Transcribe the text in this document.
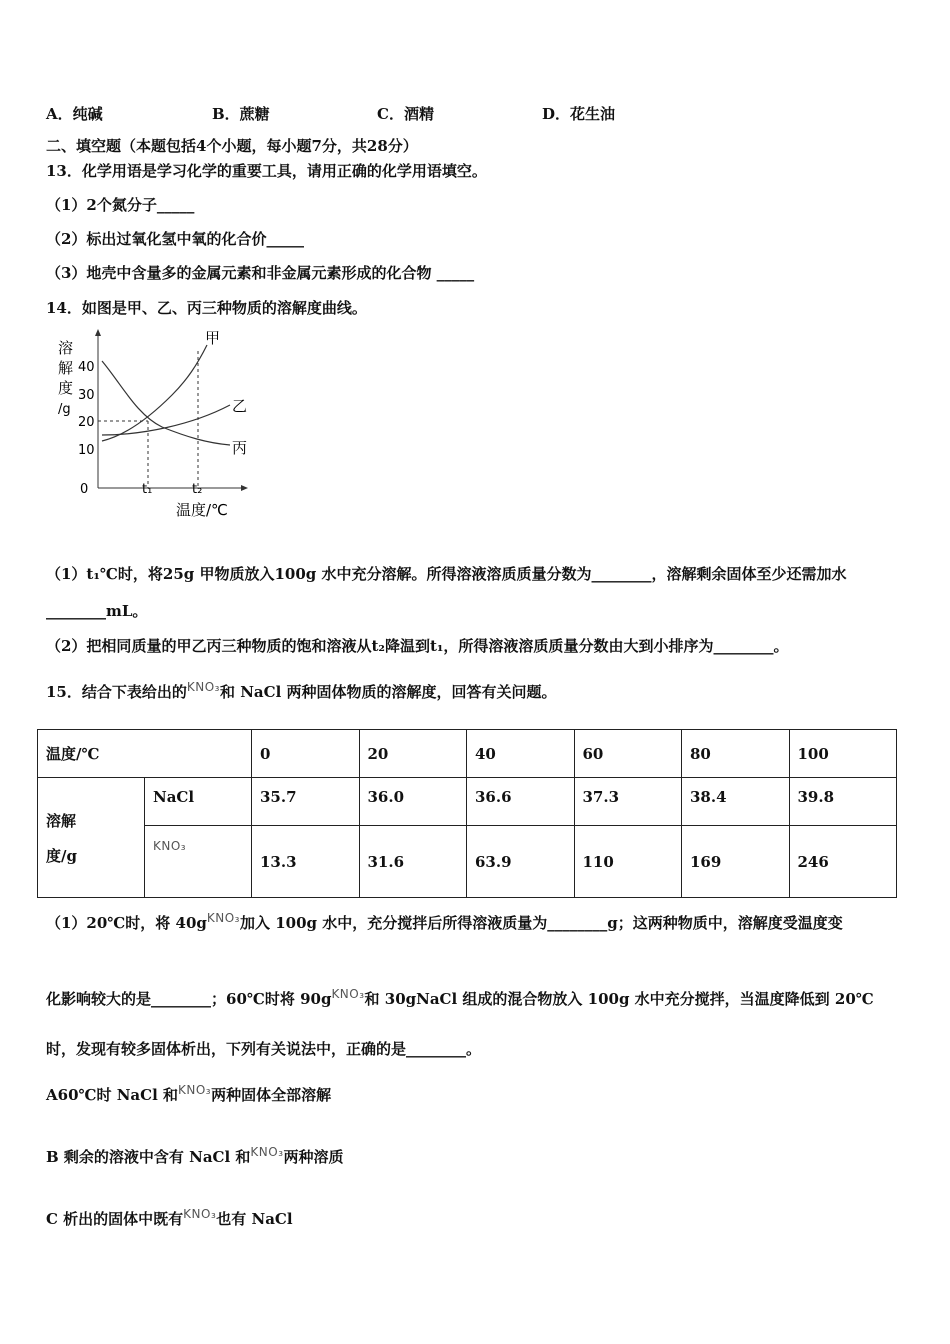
A．纯碱	B．蔗糖	C．酒精	D．花生油
二、填空题（本题包括4个小题，每小题7分，共28分）
13．化学用语是学习化学的重要工具，请用正确的化学用语填空。
（1）2个氮分子_____
（2）标出过氧化氢中氧的化合价_____
（3）地壳中含量多的金属元素和非金属元素形成的化合物 _____
14．如图是甲、乙、丙三种物质的溶解度曲线。
溶
解
度
/g
40
30
20
10
0
甲
乙
丙
t₁	t₂
温度/℃
（1）t₁℃时，将25g 甲物质放入100g 水中充分溶解。所得溶液溶质质量分数为________，溶解剩余固体至少还需加水
________mL。
（2）把相同质量的甲乙丙三种物质的饱和溶液从t₂降温到t₁，所得溶液溶质质量分数由大到小排序为________。
15．结合下表给出的$^{KNO_3}$和 NaCl 两种固体物质的溶解度，回答有关问题。
温度/℃		0	20	40	60	80	100

溶解
度/g	NaCl	35.7	36.0	36.6	37.3	38.4	39.8
	KNO₃	13.3	31.6	63.9	110	169	246
（1）20℃时，将 $40g^{KNO_3}$加入 100g 水中，充分搅拌后所得溶液质量为________g；这两种物质中，溶解度受温度变
化影响较大的是________；60℃时将 $90g^{KNO_3}$和 30gNaCl 组成的混合物放入 100g 水中充分搅拌，当温度降低到 20℃
时，发现有较多固体析出，下列有关说法中，正确的是________。
A60℃时 NaCl 和$^{KNO_3}$两种固体全部溶解
B 剩余的溶液中含有 NaCl 和$^{KNO_3}$两种溶质
C 析出的固体中既有$^{KNO_3}$也有 NaCl
